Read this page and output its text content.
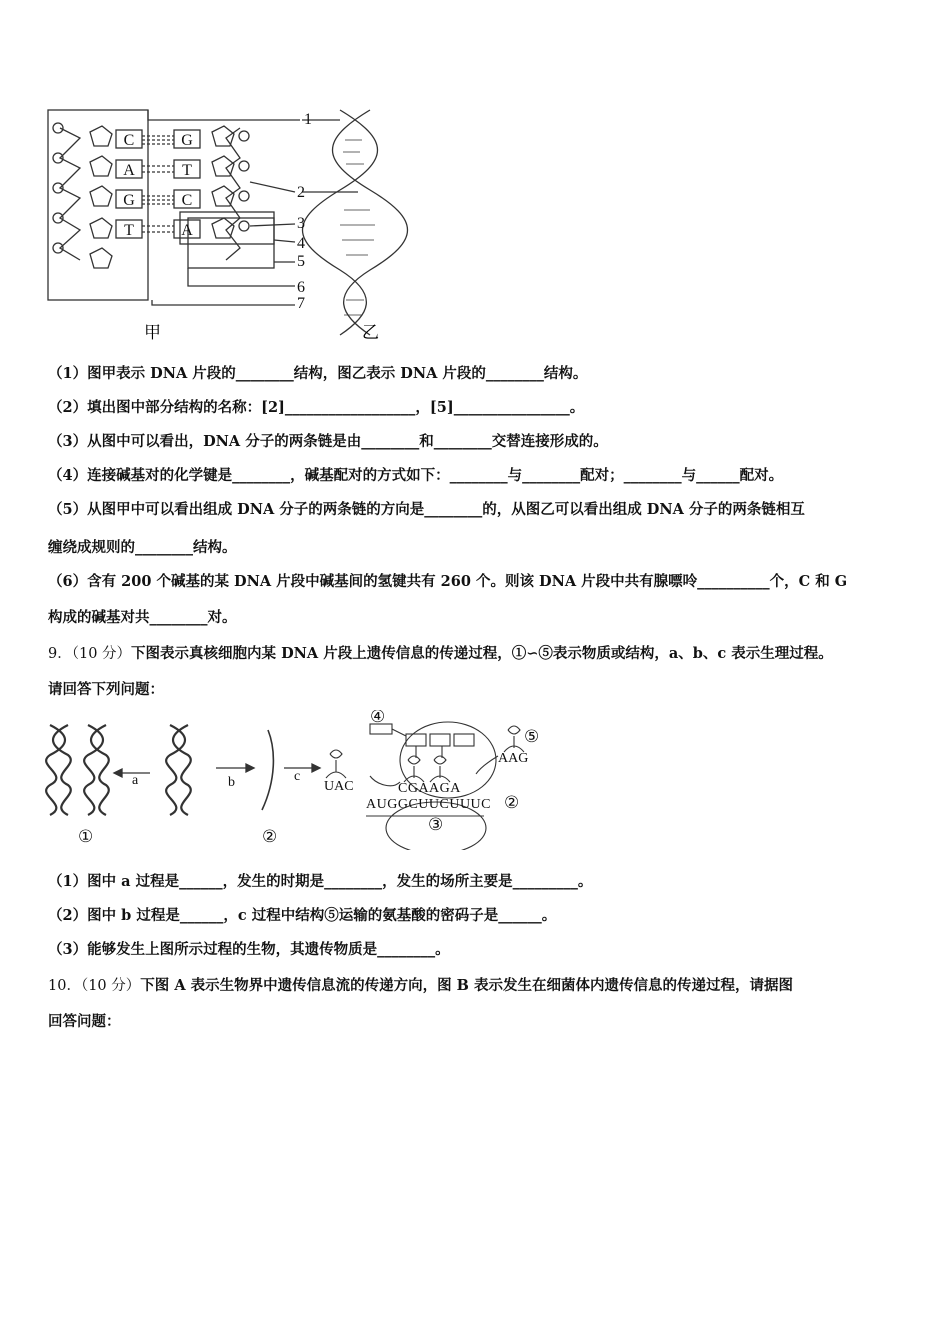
C
A
G
T
G
T
C
A
1
2
3
4
5
6
7
甲	乙
（1）图甲表示 DNA 片段的________结构，图乙表示 DNA 片段的________结构。
（2）填出图中部分结构的名称：[2]__________________，[5]________________。
（3）从图中可以看出，DNA 分子的两条链是由________和________交替连接形成的。
（4）连接碱基对的化学键是________，碱基配对的方式如下：________与________配对；________与______配对。
（5）从图甲中可以看出组成 DNA 分子的两条链的方向是________的，从图乙可以看出组成 DNA 分子的两条链相互
缠绕成规则的________结构。
（6）含有 200 个碱基的某 DNA 片段中碱基间的氢键共有 260 个。则该 DNA 片段中共有腺嘌呤__________个，C 和 G
构成的碱基对共________对。
9．（10 分）下图表示真核细胞内某 DNA 片段上遗传信息的传递过程，①∽⑤表示物质或结构，a、b、c 表示生理过程。
请回答下列问题：
a	b	c
UAC	CGAAGA
AAG
AUGGCUUCUUUC
①	②
②
③
④
⑤
（1）图中 a 过程是______，发生的时期是________，发生的场所主要是_________。
（2）图中 b 过程是______，c 过程中结构⑤运输的氨基酸的密码子是______。
（3）能够发生上图所示过程的生物，其遗传物质是________。
10．（10 分）下图 A 表示生物界中遗传信息流的传递方向，图 B 表示发生在细菌体内遗传信息的传递过程，请据图
回答问题：
